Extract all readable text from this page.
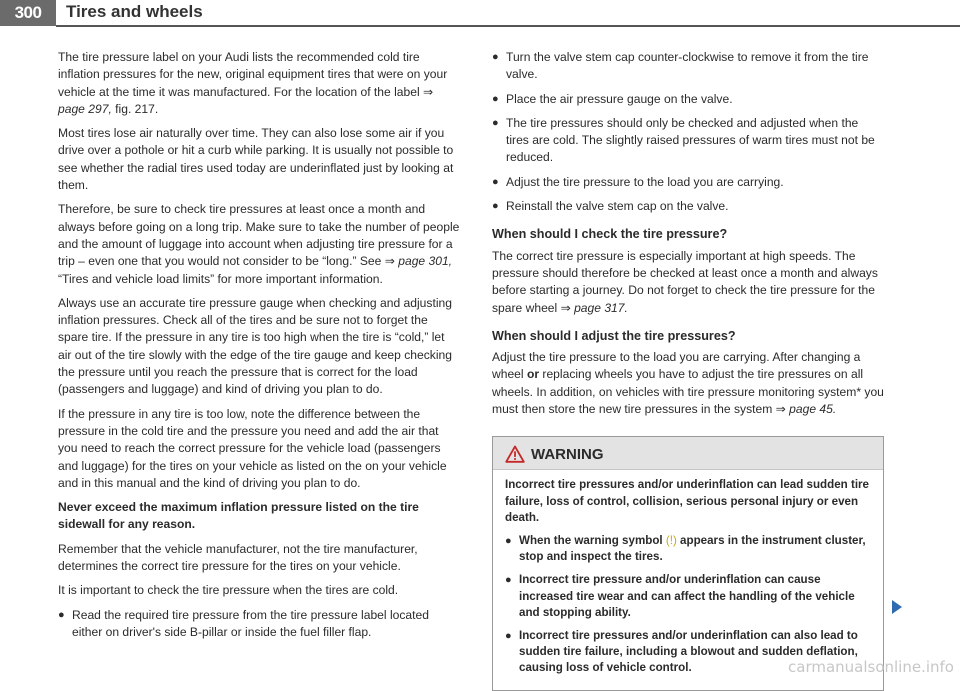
300	Tires and wheels

The tire pressure label on your Audi lists the recommended cold tire inflation pressures for the new, original equipment tires that were on your vehicle at the time it was manufactured. For the location of the label ⇒ page 297, fig. 217.

Most tires lose air naturally over time. They can also lose some air if you drive over a pothole or hit a curb while parking. It is usually not possible to see whether the radial tires used today are underinflated just by looking at them.

Therefore, be sure to check tire pressures at least once a month and always before going on a long trip. Make sure to take the number of people and the amount of luggage into account when adjusting tire pressure for a trip – even one that you would not consider to be “long.” See ⇒ page 301, “Tires and vehicle load limits” for more important information.

Always use an accurate tire pressure gauge when checking and adjusting inflation pressures. Check all of the tires and be sure not to forget the spare tire. If the pressure in any tire is too high when the tire is “cold,” let air out of the tire slowly with the edge of the tire gauge and keep checking the pressure until you reach the pressure that is correct for the load (passengers and luggage) and kind of driving you plan to do.

If the pressure in any tire is too low, note the difference between the pressure in the cold tire and the pressure you need and add the air that you need to reach the correct pressure for the vehicle load (passengers and luggage) for the tires on your vehicle as listed on the on your vehicle and in this manual and the kind of driving you plan to do.

Never exceed the maximum inflation pressure listed on the tire sidewall for any reason.

Remember that the vehicle manufacturer, not the tire manufacturer, determines the correct tire pressure for the tires on your vehicle.

It is important to check the tire pressure when the tires are cold.

● Read the required tire pressure from the tire pressure label located either on driver's side B-pillar or inside the fuel filler flap.
● Turn the valve stem cap counter-clockwise to remove it from the tire valve.
● Place the air pressure gauge on the valve.
● The tire pressures should only be checked and adjusted when the tires are cold. The slightly raised pressures of warm tires must not be reduced.
● Adjust the tire pressure to the load you are carrying.
● Reinstall the valve stem cap on the valve.
When should I check the tire pressure?

The correct tire pressure is especially important at high speeds. The pressure should therefore be checked at least once a month and always before starting a journey. Do not forget to check the tire pressure for the spare wheel ⇒ page 317.

When should I adjust the tire pressures?

Adjust the tire pressure to the load you are carrying. After changing a wheel or replacing wheels you have to adjust the tire pressures on all wheels. In addition, on vehicles with tire pressure monitoring system* you must then store the new tire pressures in the system ⇒ page 45.

WARNING

Incorrect tire pressures and/or underinflation can lead sudden tire failure, loss of control, collision, serious personal injury or even death.

● When the warning symbol (!) appears in the instrument cluster, stop and inspect the tires.
● Incorrect tire pressure and/or underinflation can cause increased tire wear and can affect the handling of the vehicle and stopping ability.
● Incorrect tire pressures and/or underinflation can also lead to sudden tire failure, including a blowout and sudden deflation, causing loss of vehicle control.	carmanualsonline.info
